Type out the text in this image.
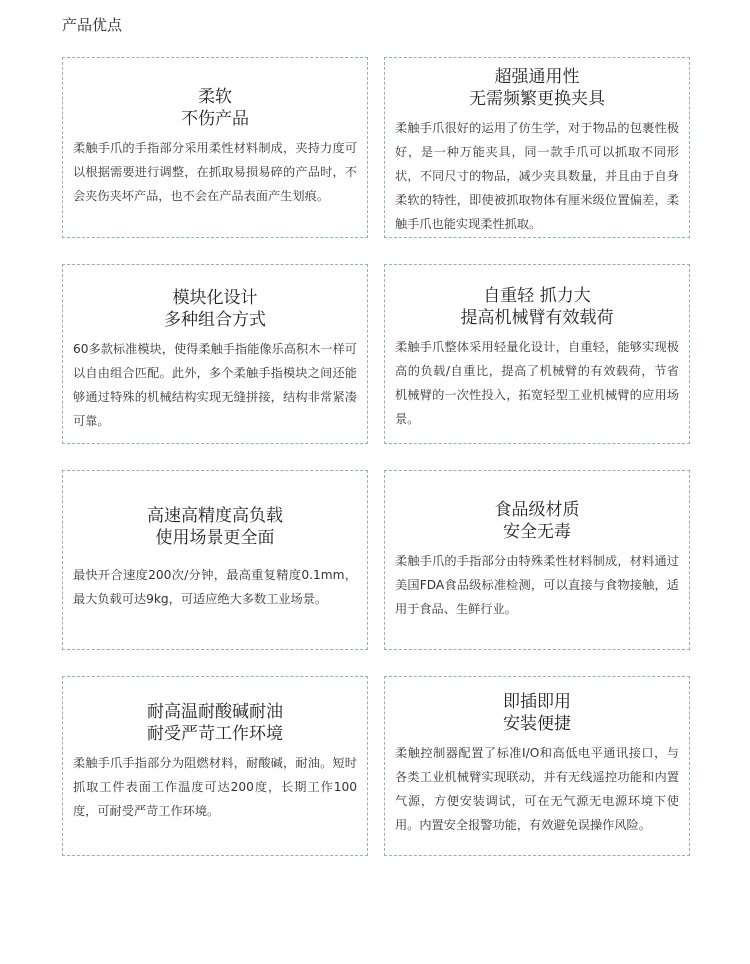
产品优点
柔软
不伤产品
柔触手爪的手指部分采用柔性材料制成，夹持力度可以根据需要进行调整，在抓取易损易碎的产品时，不会夹伤夹坏产品，也不会在产品表面产生划痕。
超强通用性
无需频繁更换夹具
柔触手爪很好的运用了仿生学，对于物品的包裹性极好，是一种万能夹具，同一款手爪可以抓取不同形状，不同尺寸的物品，减少夹具数量，并且由于自身柔软的特性，即使被抓取物体有厘米级位置偏差，柔触手爪也能实现柔性抓取。
模块化设计
多种组合方式
60多款标准模块，使得柔触手指能像乐高积木一样可以自由组合匹配。此外，多个柔触手指模块之间还能够通过特殊的机械结构实现无缝拼接，结构非常紧凑可靠。
自重轻 抓力大
提高机械臂有效载荷
柔触手爪整体采用轻量化设计，自重轻，能够实现极高的负载/自重比，提高了机械臂的有效载荷，节省机械臂的一次性投入，拓宽轻型工业机械臂的应用场景。
高速高精度高负载
使用场景更全面
最快开合速度200次/分钟，最高重复精度0.1mm，最大负载可达9kg，可适应绝大多数工业场景。
食品级材质
安全无毒
柔触手爪的手指部分由特殊柔性材料制成，材料通过美国FDA食品级标准检测，可以直接与食物接触，适用于食品、生鲜行业。
耐高温耐酸碱耐油
耐受严苛工作环境
柔触手爪手指部分为阻燃材料，耐酸碱，耐油。短时抓取工件表面工作温度可达200度，长期工作100度，可耐受严苛工作环境。
即插即用
安装便捷
柔触控制器配置了标准I/O和高低电平通讯接口，与各类工业机械臂实现联动，并有无线遥控功能和内置气源，方便安装调试，可在无气源无电源环境下使用。内置安全报警功能，有效避免误操作风险。
